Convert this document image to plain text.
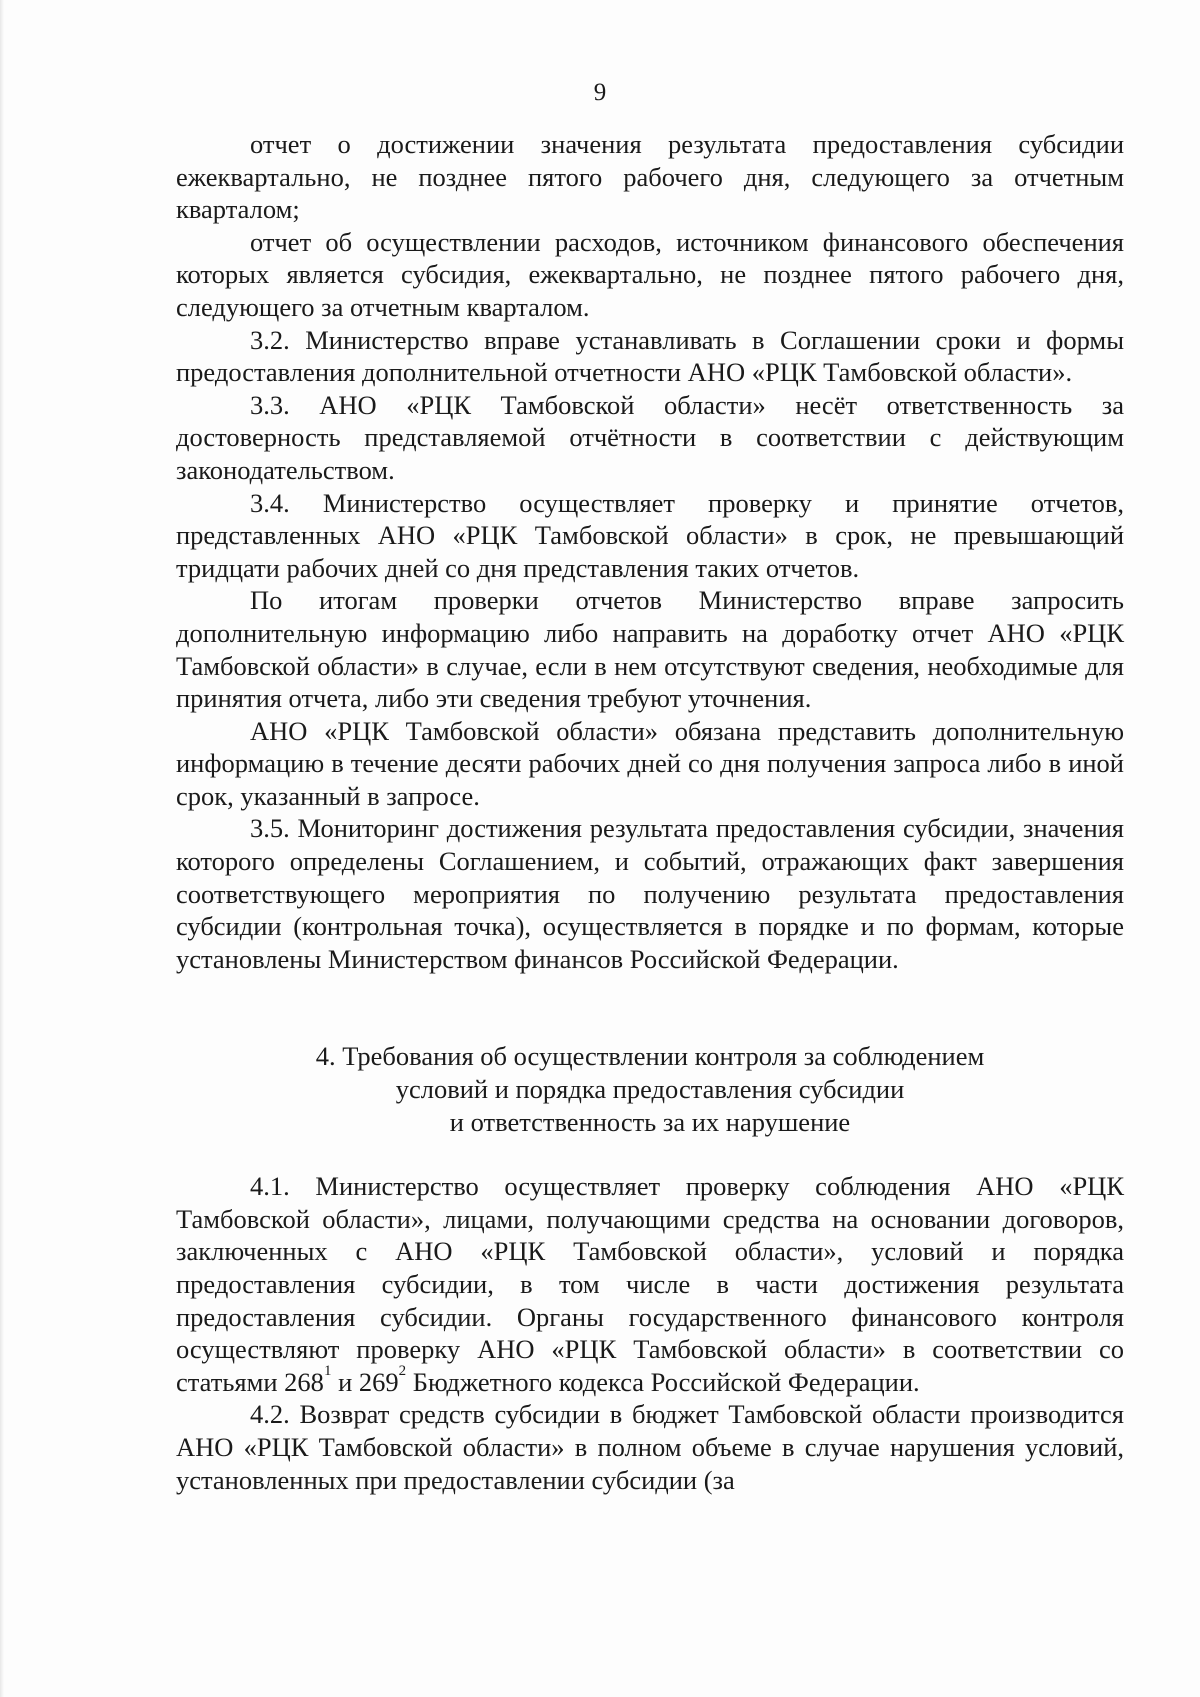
9

отчет о достижении значения результата предоставления субсидии ежеквартально, не позднее пятого рабочего дня, следующего за отчетным кварталом;

отчет об осуществлении расходов, источником финансового обеспечения которых является субсидия, ежеквартально, не позднее пятого рабочего дня, следующего за отчетным кварталом.

3.2. Министерство вправе устанавливать в Соглашении сроки и формы предоставления дополнительной отчетности АНО «РЦК Тамбовской области».

3.3. АНО «РЦК Тамбовской области» несёт ответственность за достоверность представляемой отчётности в соответствии с действующим законодательством.

3.4. Министерство осуществляет проверку и принятие отчетов, представленных АНО «РЦК Тамбовской области» в срок, не превышающий тридцати рабочих дней со дня представления таких отчетов.

По итогам проверки отчетов Министерство вправе запросить дополнительную информацию либо направить на доработку отчет АНО «РЦК Тамбовской области» в случае, если в нем отсутствуют сведения, необходимые для принятия отчета, либо эти сведения требуют уточнения.

АНО «РЦК Тамбовской области» обязана представить дополнительную информацию в течение десяти рабочих дней со дня получения запроса либо в иной срок, указанный в запросе.

3.5. Мониторинг достижения результата предоставления субсидии, значения которого определены Соглашением, и событий, отражающих факт завершения соответствующего мероприятия по получению результата предоставления субсидии (контрольная точка), осуществляется в порядке и по формам, которые установлены Министерством финансов Российской Федерации.

4. Требования об осуществлении контроля за соблюдением
условий и порядка предоставления субсидии
и ответственность за их нарушение

4.1. Министерство осуществляет проверку соблюдения АНО «РЦК Тамбовской области», лицами, получающими средства на основании договоров, заключенных с АНО «РЦК Тамбовской области», условий и порядка предоставления субсидии, в том числе в части достижения результата предоставления субсидии. Органы государственного финансового контроля осуществляют проверку АНО «РЦК Тамбовской области» в соответствии со статьями $268^1$ и $269^2$ Бюджетного кодекса Российской Федерации.

4.2. Возврат средств субсидии в бюджет Тамбовской области производится АНО «РЦК Тамбовской области» в полном объеме в случае нарушения условий, установленных при предоставлении субсидии (за
